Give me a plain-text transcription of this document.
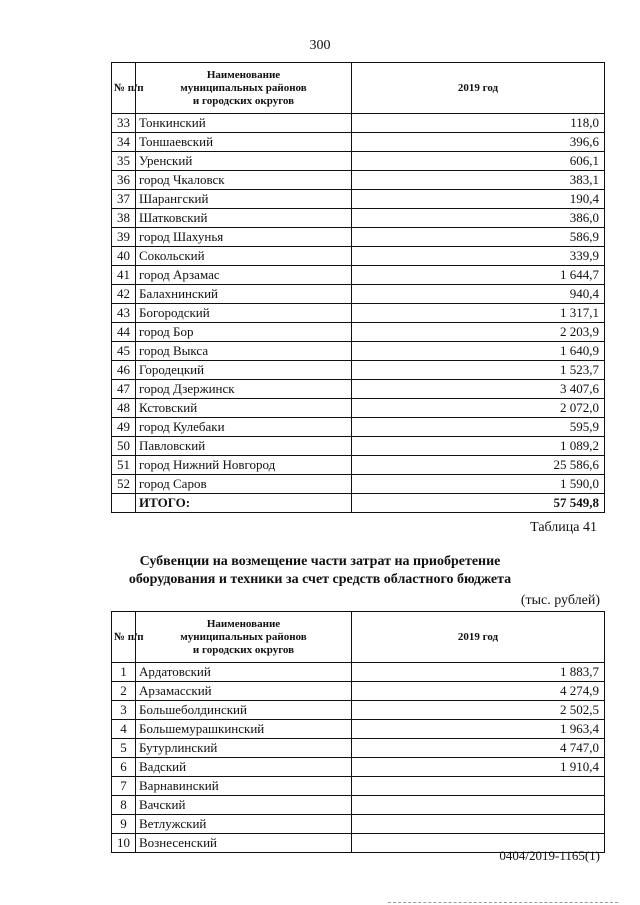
300
№ п/п	Наименование
муниципальных районов
и городских округов	2019 год
33	Тонкинский	118,0
34	Тоншаевский	396,6
35	Уренский	606,1
36	город Чкаловск	383,1
37	Шарангский	190,4
38	Шатковский	386,0
39	город Шахунья	586,9
40	Сокольский	339,9
41	город Арзамас	1 644,7
42	Балахнинский	940,4
43	Богородский	1 317,1
44	город Бор	2 203,9
45	город Выкса	1 640,9
46	Городецкий	1 523,7
47	город Дзержинск	3 407,6
48	Кстовский	2 072,0
49	город Кулебаки	595,9
50	Павловский	1 089,2
51	город Нижний Новгород	25 586,6
52	город Саров	1 590,0
	ИТОГО:	57 549,8
Таблица 41
Субвенции на возмещение части затрат на приобретение
оборудования и техники за счет средств областного бюджета
(тыс. рублей)
№ п/п	Наименование
муниципальных районов
и городских округов	2019 год
1	Ардатовский	1 883,7
2	Арзамасский	4 274,9
3	Большеболдинский	2 502,5
4	Большемурашкинский	1 963,4
5	Бутурлинский	4 747,0
6	Вадский	1 910,4
7	Варнавинский	
8	Вачский	
9	Ветлужский	
10	Вознесенский	
0404/2019-1165(1)
